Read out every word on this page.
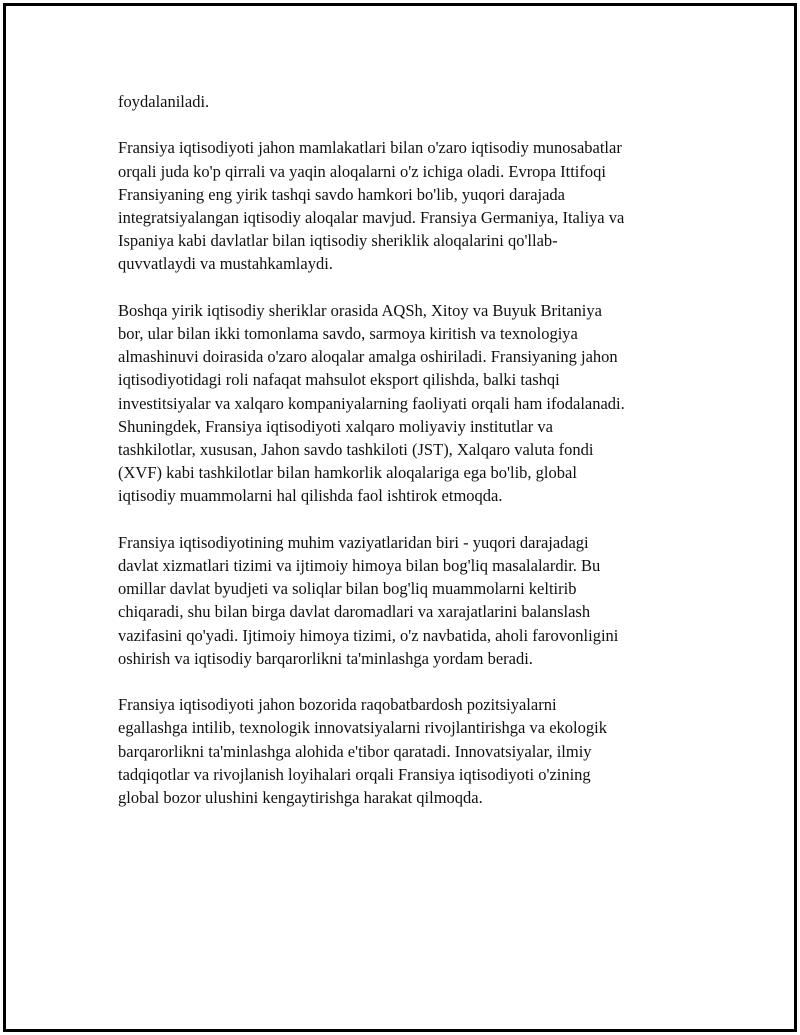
foydalaniladi.

Fransiya iqtisodiyoti jahon mamlakatlari bilan o'zaro iqtisodiy munosabatlar
orqali juda ko'p qirrali va yaqin aloqalarni o'z ichiga oladi. Evropa Ittifoqi
Fransiyaning eng yirik tashqi savdo hamkori bo'lib, yuqori darajada
integratsiyalangan iqtisodiy aloqalar mavjud. Fransiya Germaniya, Italiya va
Ispaniya kabi davlatlar bilan iqtisodiy sheriklik aloqalarini qo'llab-
quvvatlaydi va mustahkamlaydi.

Boshqa yirik iqtisodiy sheriklar orasida AQSh, Xitoy va Buyuk Britaniya
bor, ular bilan ikki tomonlama savdo, sarmoya kiritish va texnologiya
almashinuvi doirasida o'zaro aloqalar amalga oshiriladi. Fransiyaning jahon
iqtisodiyotidagi roli nafaqat mahsulot eksport qilishda, balki tashqi
investitsiyalar va xalqaro kompaniyalarning faoliyati orqali ham ifodalanadi.
Shuningdek, Fransiya iqtisodiyoti xalqaro moliyaviy institutlar va
tashkilotlar, xususan, Jahon savdo tashkiloti (JST), Xalqaro valuta fondi
(XVF) kabi tashkilotlar bilan hamkorlik aloqalariga ega bo'lib, global
iqtisodiy muammolarni hal qilishda faol ishtirok etmoqda.

Fransiya iqtisodiyotining muhim vaziyatlaridan biri - yuqori darajadagi
davlat xizmatlari tizimi va ijtimoiy himoya bilan bog'liq masalalardir. Bu
omillar davlat byudjeti va soliqlar bilan bog'liq muammolarni keltirib
chiqaradi, shu bilan birga davlat daromadlari va xarajatlarini balanslash
vazifasini qo'yadi. Ijtimoiy himoya tizimi, o'z navbatida, aholi farovonligini
oshirish va iqtisodiy barqarorlikni ta'minlashga yordam beradi.

Fransiya iqtisodiyoti jahon bozorida raqobatbardosh pozitsiyalarni
egallashga intilib, texnologik innovatsiyalarni rivojlantirishga va ekologik
barqarorlikni ta'minlashga alohida e'tibor qaratadi. Innovatsiyalar, ilmiy
tadqiqotlar va rivojlanish loyihalari orqali Fransiya iqtisodiyoti o'zining
global bozor ulushini kengaytirishga harakat qilmoqda.
